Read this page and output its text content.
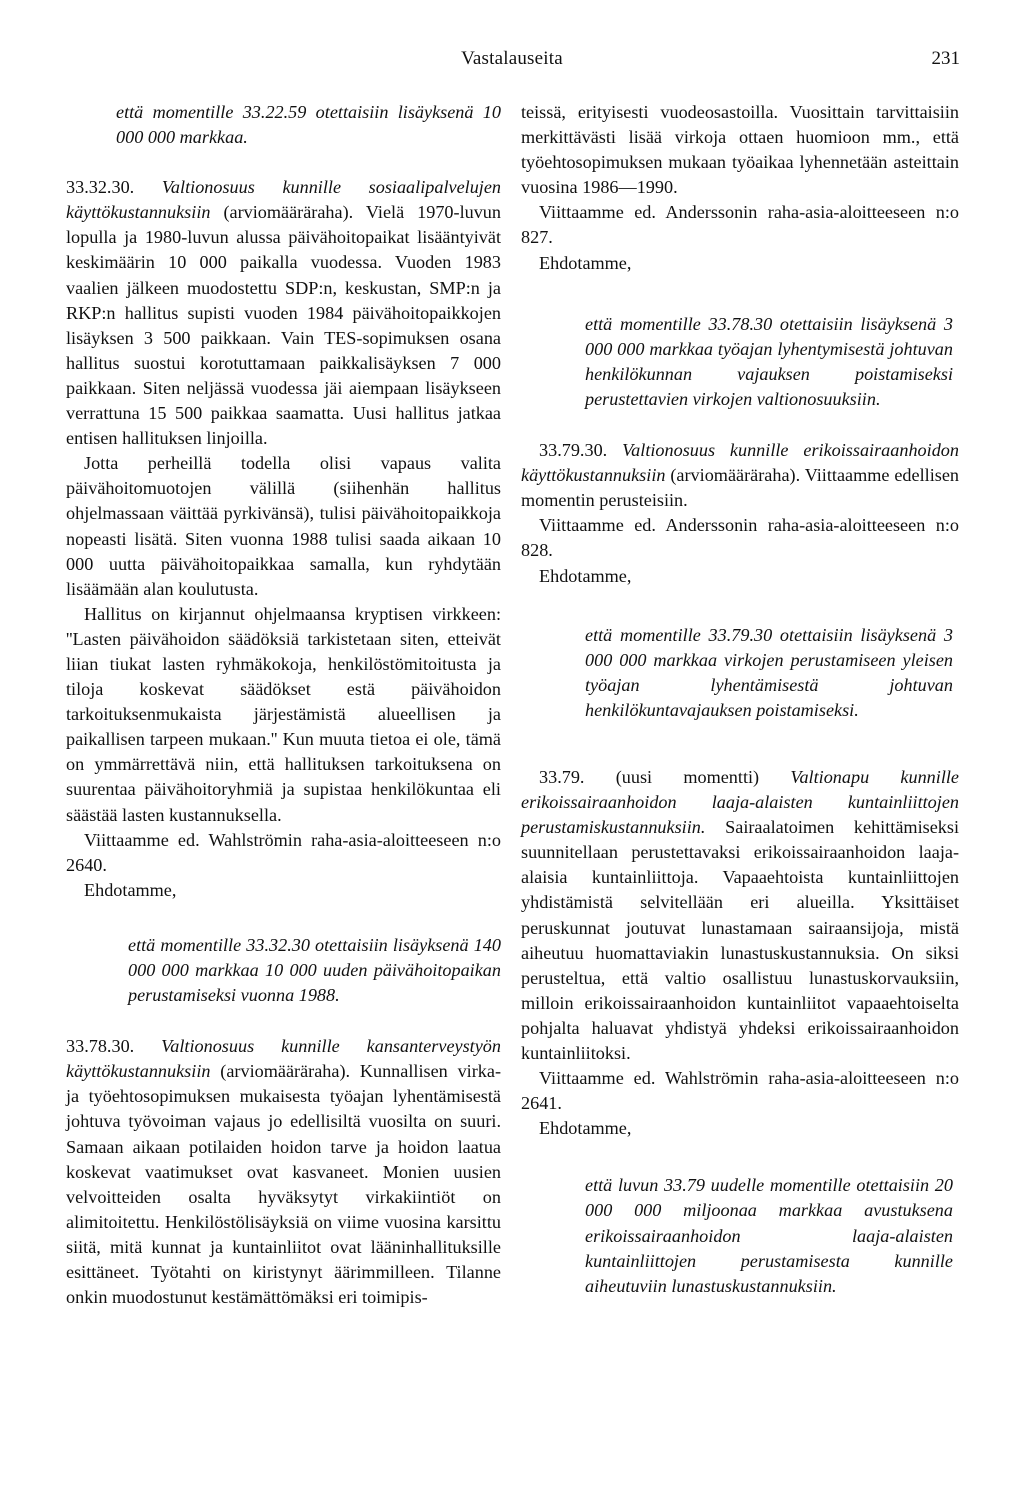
Vastalauseita	231

että momentille 33.22.59 otettaisiin lisäyksenä 10 000 000 markkaa.

33.32.30. Valtionosuus kunnille sosiaalipalvelujen käyttökustannuksiin (arviomääräraha). Vielä 1970-luvun lopulla ja 1980-luvun alussa päivähoitopaikat lisääntyivät keskimäärin 10 000 paikalla vuodessa. Vuoden 1983 vaalien jälkeen muodostettu SDP:n, keskustan, SMP:n ja RKP:n hallitus supisti vuoden 1984 päivähoitopaikkojen lisäyksen 3 500 paikkaan. Vain TES-sopimuksen osana hallitus suostui korotuttamaan paikkalisäyksen 7 000 paikkaan. Siten neljässä vuodessa jäi aiempaan lisäykseen verrattuna 15 500 paikkaa saamatta. Uusi hallitus jatkaa entisen hallituksen linjoilla.

Jotta perheillä todella olisi vapaus valita päivähoitomuotojen välillä (siihenhän hallitus ohjelmassaan väittää pyrkivänsä), tulisi päivähoitopaikkoja nopeasti lisätä. Siten vuonna 1988 tulisi saada aikaan 10 000 uutta päivähoitopaikkaa samalla, kun ryhdytään lisäämään alan koulutusta.

Hallitus on kirjannut ohjelmaansa kryptisen virkkeen: ''Lasten päivähoidon säädöksiä tarkistetaan siten, etteivät liian tiukat lasten ryhmäkokoja, henkilöstömitoitusta ja tiloja koskevat säädökset estä päivähoidon tarkoituksenmukaista järjestämistä alueellisen ja paikallisen tarpeen mukaan.'' Kun muuta tietoa ei ole, tämä on ymmärrettävä niin, että hallituksen tarkoituksena on suurentaa päivähoitoryhmiä ja supistaa henkilökuntaa eli säästää lasten kustannuksella.

Viittaamme ed. Wahlströmin raha-asia-aloitteeseen n:o 2640.

Ehdotamme,

että momentille 33.32.30 otettaisiin lisäyksenä 140 000 000 markkaa 10 000 uuden päivähoitopaikan perustamiseksi vuonna 1988.

33.78.30. Valtionosuus kunnille kansanterveystyön käyttökustannuksiin (arviomääräraha). Kunnallisen virka- ja työehtosopimuksen mukaisesta työajan lyhentämisestä johtuva työvoiman vajaus jo edellisiltä vuosilta on suuri. Samaan aikaan potilaiden hoidon tarve ja hoidon laatua koskevat vaatimukset ovat kasvaneet. Monien uusien velvoitteiden osalta hyväksytyt virkakiintiöt on alimitoitettu. Henkilöstölisäyksiä on viime vuosina karsittu siitä, mitä kunnat ja kuntainliitot ovat lääninhallituksille esittäneet. Työtahti on kiristynyt äärimmilleen. Tilanne onkin muodostunut kestämättömäksi eri toimipis-

teissä, erityisesti vuodeosastoilla. Vuosittain tarvittaisiin merkittävästi lisää virkoja ottaen huomioon mm., että työehtosopimuksen mukaan työaikaa lyhennetään asteittain vuosina 1986—1990.

Viittaamme ed. Anderssonin raha-asia-aloitteeseen n:o 827.

Ehdotamme,

että momentille 33.78.30 otettaisiin lisäyksenä 3 000 000 markkaa työajan lyhentymisestä johtuvan henkilökunnan vajauksen poistamiseksi perustettavien virkojen valtionosuuksiin.

33.79.30. Valtionosuus kunnille erikoissairaanhoidon käyttökustannuksiin (arviomääräraha). Viittaamme edellisen momentin perusteisiin.

Viittaamme ed. Anderssonin raha-asia-aloitteeseen n:o 828.

Ehdotamme,

että momentille 33.79.30 otettaisiin lisäyksenä 3 000 000 markkaa virkojen perustamiseen yleisen työajan lyhentämisestä johtuvan henkilökuntavajauksen poistamiseksi.

33.79. (uusi momentti) Valtionapu kunnille erikoissairaanhoidon laaja-alaisten kuntainliittojen perustamiskustannuksiin. Sairaalatoimen kehittämiseksi suunnitellaan perustettavaksi erikoissairaanhoidon laaja-alaisia kuntainliittoja. Vapaaehtoista kuntainliittojen yhdistämistä selvitellään eri alueilla. Yksittäiset peruskunnat joutuvat lunastamaan sairaansijoja, mistä aiheutuu huomattaviakin lunastuskustannuksia. On siksi perusteltua, että valtio osallistuu lunastuskorvauksiin, milloin erikoissairaanhoidon kuntainliitot vapaaehtoiselta pohjalta haluavat yhdistyä yhdeksi erikoissairaanhoidon kuntainliitoksi.

Viittaamme ed. Wahlströmin raha-asia-aloitteeseen n:o 2641.

Ehdotamme,

että luvun 33.79 uudelle momentille otettaisiin 20 000 000 miljoonaa markkaa avustuksena erikoissairaanhoidon laaja-alaisten kuntainliittojen perustamisesta kunnille aiheutuviin lunastuskustannuksiin.
